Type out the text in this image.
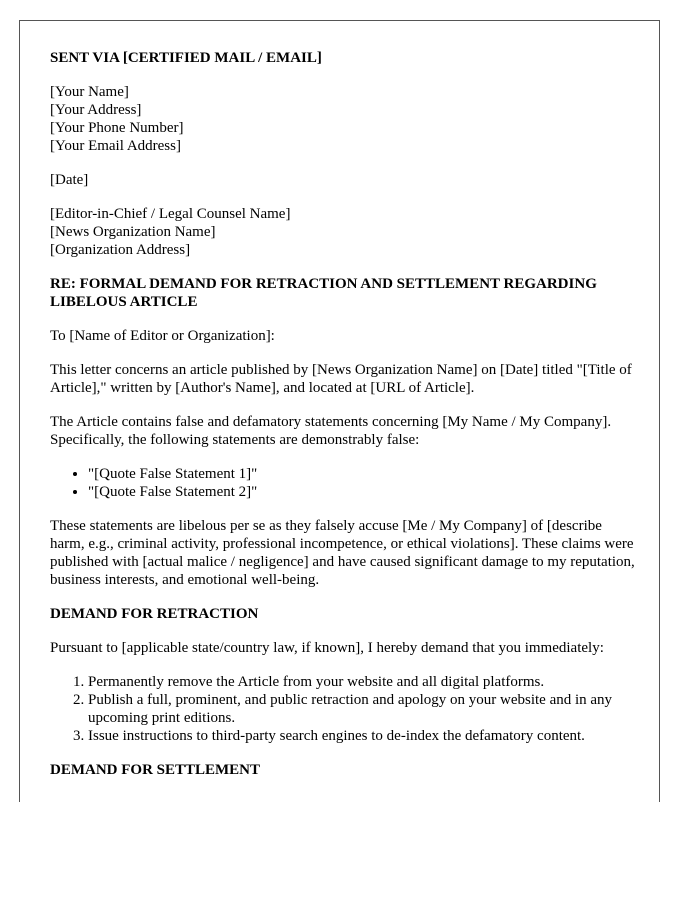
SENT VIA [CERTIFIED MAIL / EMAIL]
[Your Name]
[Your Address]
[Your Phone Number]
[Your Email Address]

[Date]

[Editor-in-Chief / Legal Counsel Name]
[News Organization Name]
[Organization Address]
RE: FORMAL DEMAND FOR RETRACTION AND SETTLEMENT REGARDING LIBELOUS ARTICLE

To [Name of Editor or Organization]:

This letter concerns an article published by [News Organization Name] on [Date] titled "[Title of Article]," written by [Author's Name], and located at [URL of Article].

The Article contains false and defamatory statements concerning [My Name / My Company]. Specifically, the following statements are demonstrably false:

• "[Quote False Statement 1]"
• "[Quote False Statement 2]"

These statements are libelous per se as they falsely accuse [Me / My Company] of [describe harm, e.g., criminal activity, professional incompetence, or ethical violations]. These claims were published with [actual malice / negligence] and have caused significant damage to my reputation, business interests, and emotional well-being.

DEMAND FOR RETRACTION

Pursuant to [applicable state/country law, if known], I hereby demand that you immediately:

1. Permanently remove the Article from your website and all digital platforms.
2. Publish a full, prominent, and public retraction and apology on your website and in any upcoming print editions.
3. Issue instructions to third-party search engines to de-index the defamatory content.
DEMAND FOR SETTLEMENT
